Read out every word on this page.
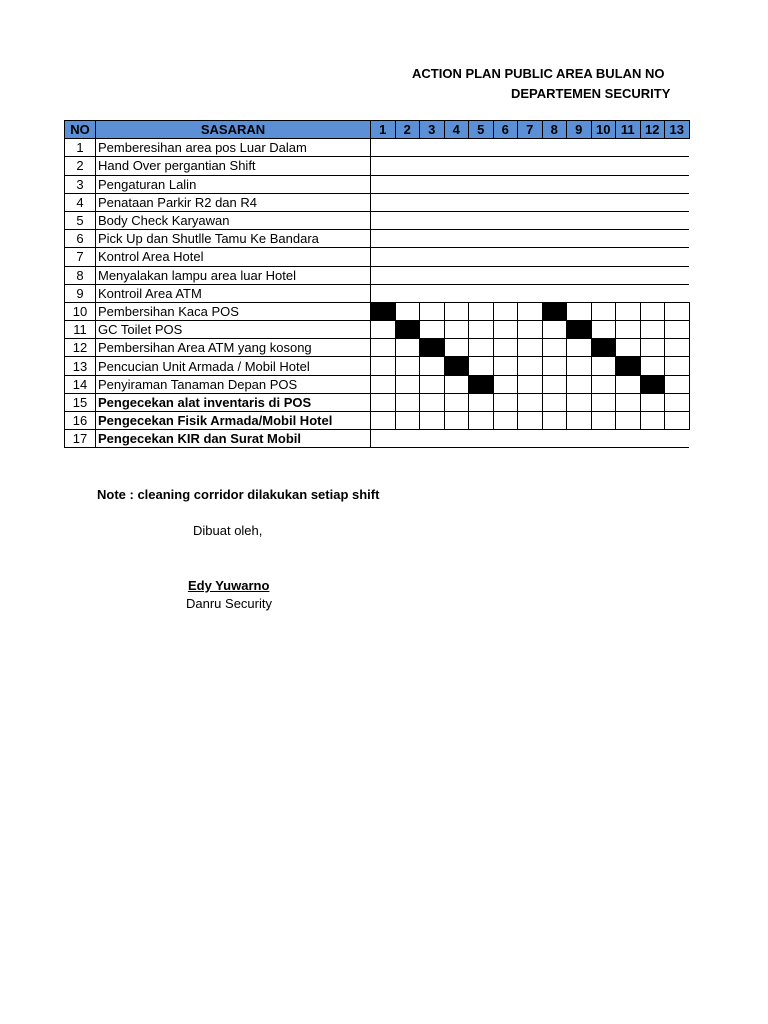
ACTION PLAN PUBLIC AREA BULAN NO
DEPARTEMEN SECURITY
NO	SASARAN	1	2	3	4	5	6	7	8	9	10	11	12	13
1	Pemberesihan area pos Luar Dalam													
2	Hand Over pergantian Shift													
3	Pengaturan Lalin													
4	Penataan Parkir R2 dan R4													
5	Body Check Karyawan													
6	Pick Up dan Shutlle Tamu Ke Bandara													
7	Kontrol Area Hotel													
8	Menyalakan lampu area luar Hotel													
9	Kontroil Area ATM													
10	Pembersihan Kaca POS													
11	GC Toilet POS													
12	Pembersihan Area ATM yang kosong													
13	Pencucian Unit Armada / Mobil Hotel													
14	Penyiraman Tanaman Depan POS													
15	Pengecekan alat inventaris di POS													
16	Pengecekan Fisik Armada/Mobil Hotel													
17	Pengecekan KIR dan Surat Mobil													
Note : cleaning corridor dilakukan setiap shift
Dibuat oleh,
Edy Yuwarno
Danru Security
